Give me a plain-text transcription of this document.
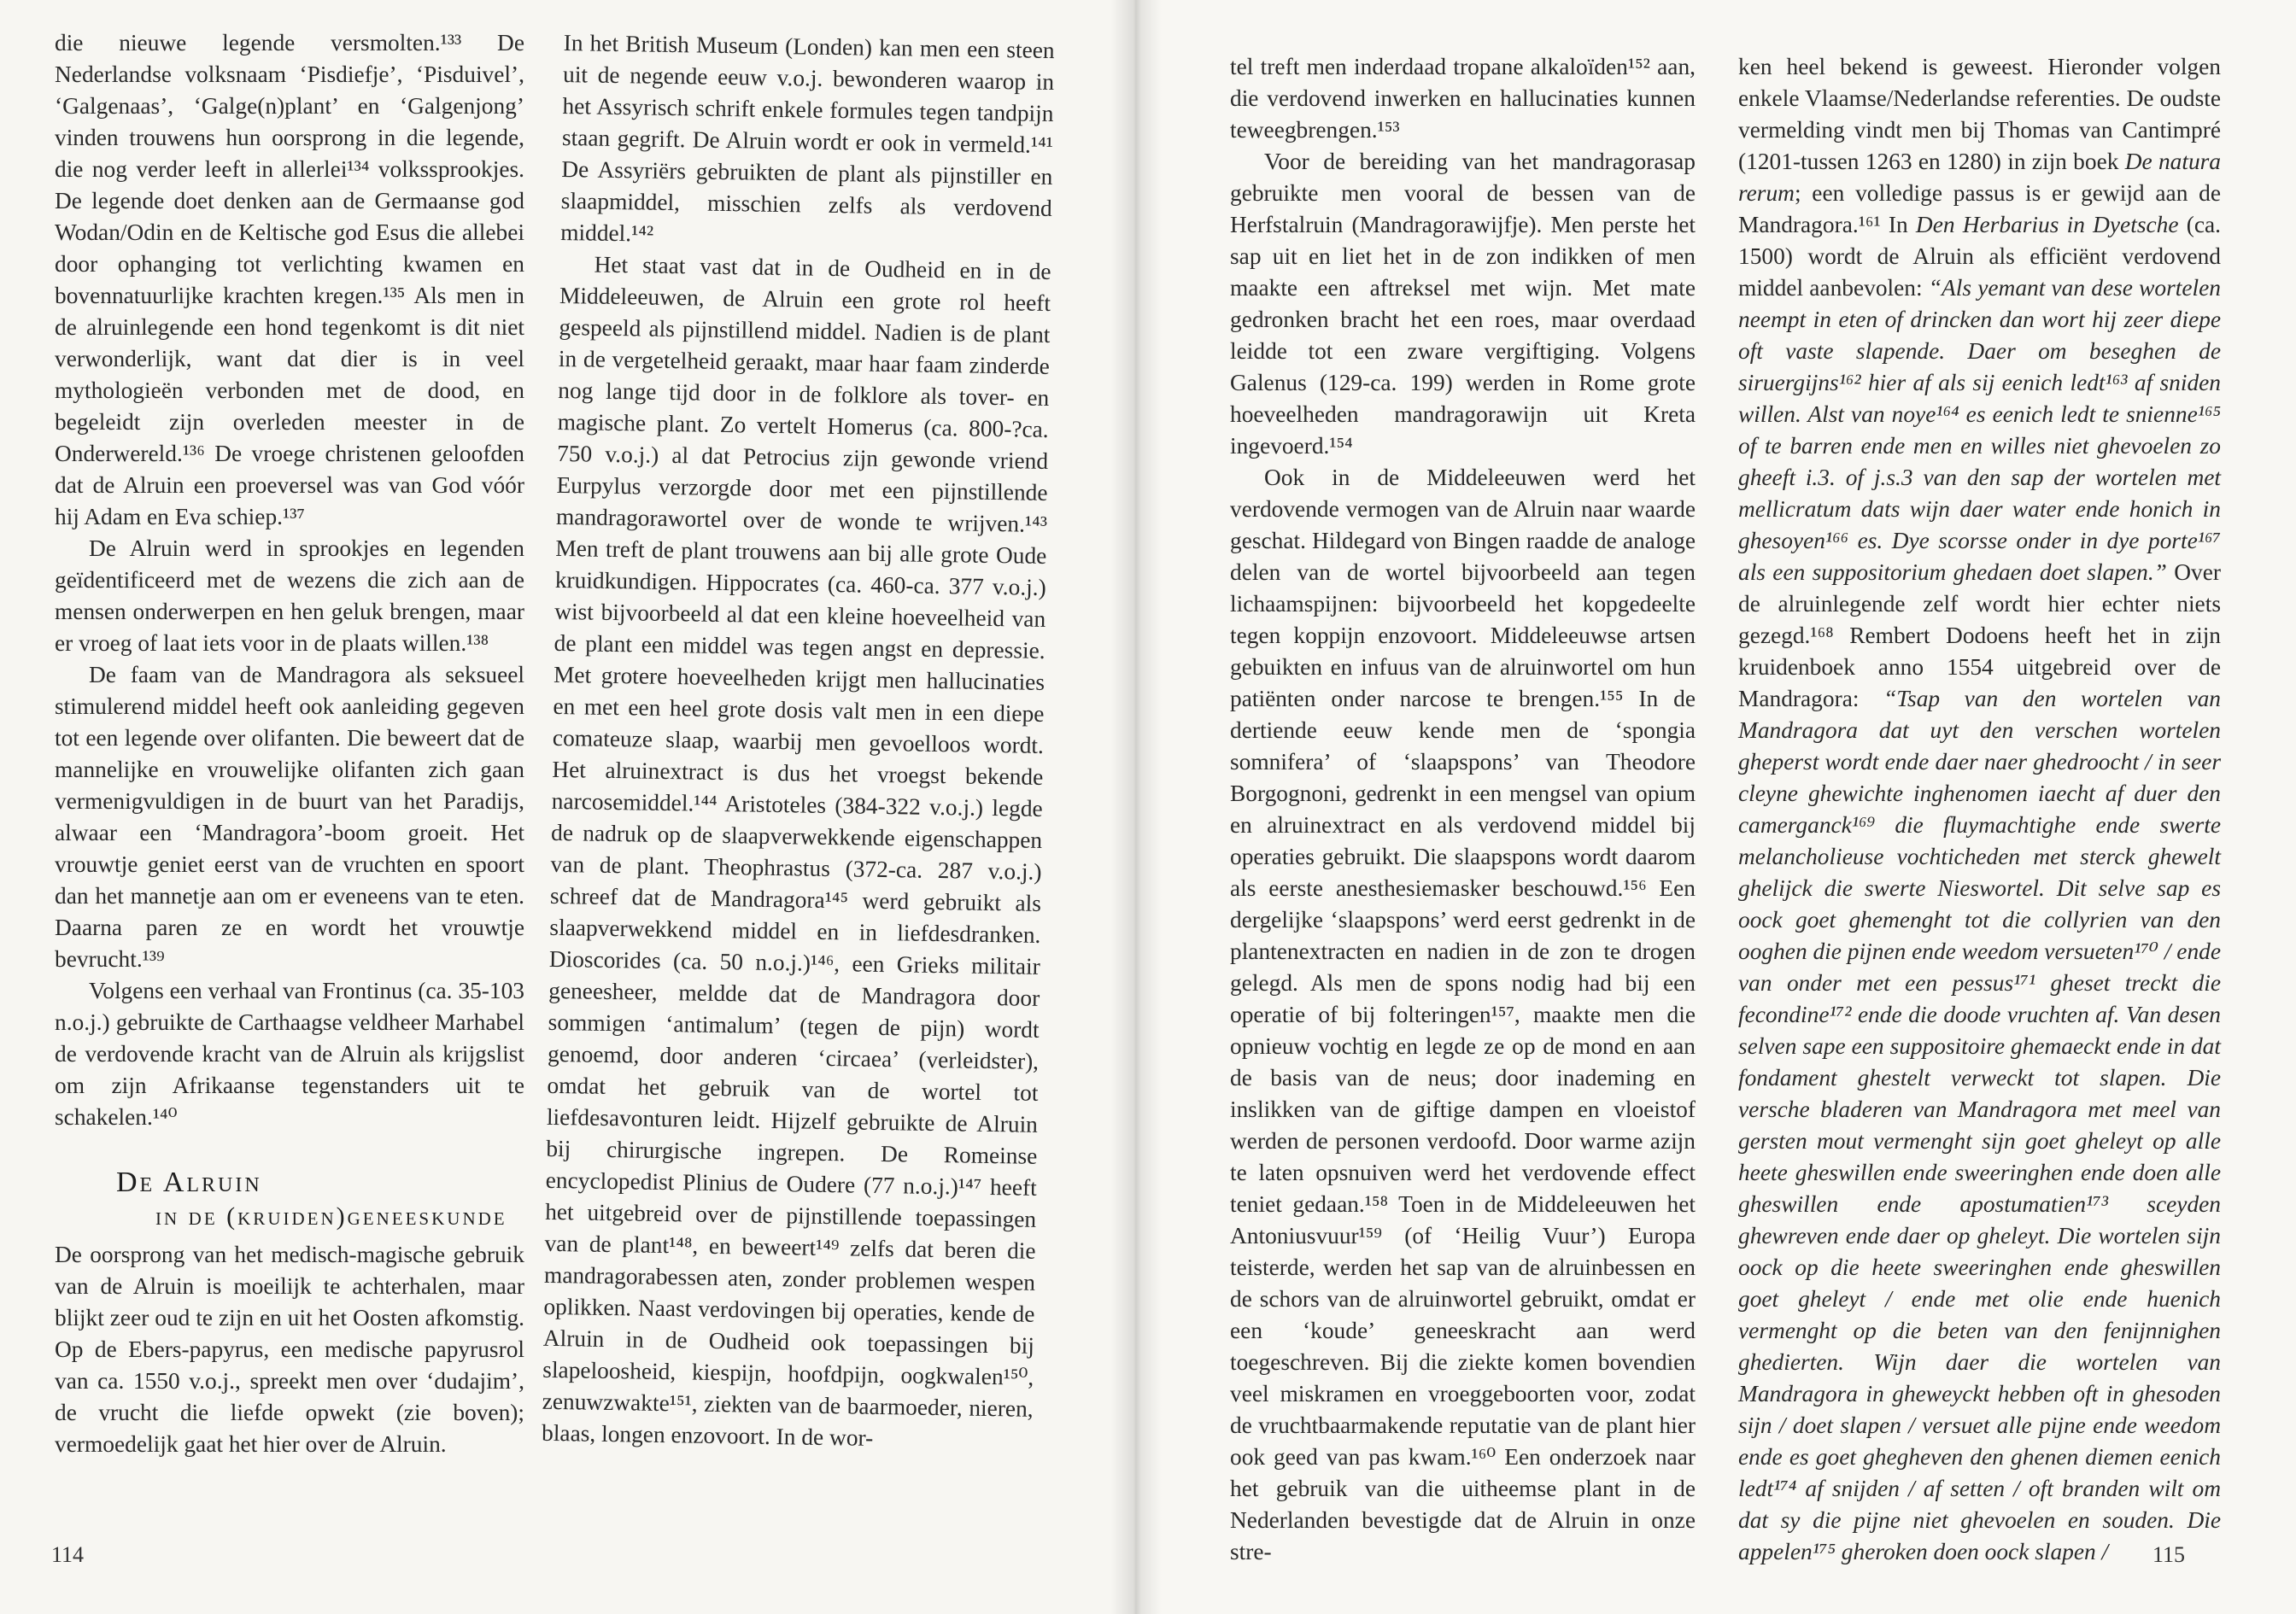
die nieuwe legende versmolten.¹³³ De Nederlandse volksnaam ‘Pisdiefje’, ‘Pisduivel’, ‘Galgenaas’, ‘Galge(n)plant’ en ‘Galgenjong’ vinden trouwens hun oorsprong in die legende, die nog verder leeft in allerlei¹³⁴ volkssprookjes. De legende doet denken aan de Germaanse god Wodan/Odin en de Keltische god Esus die allebei door ophanging tot verlichting kwamen en bovennatuurlijke krachten kregen.¹³⁵ Als men in de alruinlegende een hond tegenkomt is dit niet verwonderlijk, want dat dier is in veel mythologieën verbonden met de dood, en begeleidt zijn overleden meester in de Onderwereld.¹³⁶ De vroege christenen geloofden dat de Alruin een proeversel was van God vóór hij Adam en Eva schiep.¹³⁷

De Alruin werd in sprookjes en legenden geïdentificeerd met de wezens die zich aan de mensen onderwerpen en hen geluk brengen, maar er vroeg of laat iets voor in de plaats willen.¹³⁸

De faam van de Mandragora als seksueel stimulerend middel heeft ook aanleiding gegeven tot een legende over olifanten. Die beweert dat de mannelijke en vrouwelijke olifanten zich gaan vermenigvuldigen in de buurt van het Paradijs, alwaar een ‘Mandragora’-boom groeit. Het vrouwtje geniet eerst van de vruchten en spoort dan het mannetje aan om er eveneens van te eten. Daarna paren ze en wordt het vrouwtje bevrucht.¹³⁹

Volgens een verhaal van Frontinus (ca. 35-103 n.o.j.) gebruikte de Carthaagse veldheer Marhabel de verdovende kracht van de Alruin als krijgslist om zijn Afrikaanse tegenstanders uit te schakelen.¹⁴⁰

De Alruin
in de (kruiden)geneeskunde

De oorsprong van het medisch-magische gebruik van de Alruin is moeilijk te achterhalen, maar blijkt zeer oud te zijn en uit het Oosten afkomstig. Op de Ebers-papyrus, een medische papyrusrol van ca. 1550 v.o.j., spreekt men over ‘dudajim’, de vrucht die liefde opwekt (zie boven); vermoedelijk gaat het hier over de Alruin.

In het British Museum (Londen) kan men een steen uit de negende eeuw v.o.j. bewonderen waarop in het Assyrisch schrift enkele formules tegen tandpijn staan gegrift. De Alruin wordt er ook in vermeld.¹⁴¹ De Assyriërs gebruikten de plant als pijnstiller en slaapmiddel, misschien zelfs als verdovend middel.¹⁴²

Het staat vast dat in de Oudheid en in de Middeleeuwen, de Alruin een grote rol heeft gespeeld als pijnstillend middel. Nadien is de plant in de vergetelheid geraakt, maar haar faam zinderde nog lange tijd door in de folklore als tover- en magische plant. Zo vertelt Homerus (ca. 800-?ca. 750 v.o.j.) al dat Petrocius zijn gewonde vriend Eurpylus verzorgde door met een pijnstillende mandragorawortel over de wonde te wrijven.¹⁴³ Men treft de plant trouwens aan bij alle grote Oude kruidkundigen. Hippocrates (ca. 460-ca. 377 v.o.j.) wist bijvoorbeeld al dat een kleine hoeveelheid van de plant een middel was tegen angst en depressie. Met grotere hoeveelheden krijgt men hallucinaties en met een heel grote dosis valt men in een diepe comateuze slaap, waarbij men gevoelloos wordt. Het alruinextract is dus het vroegst bekende narcosemiddel.¹⁴⁴ Aristoteles (384-322 v.o.j.) legde de nadruk op de slaapverwekkende eigenschappen van de plant. Theophrastus (372-ca. 287 v.o.j.) schreef dat de Mandragora¹⁴⁵ werd gebruikt als slaapverwekkend middel en in liefdesdranken. Dioscorides (ca. 50 n.o.j.)¹⁴⁶, een Grieks militair geneesheer, meldde dat de Mandragora door sommigen ‘antimalum’ (tegen de pijn) wordt genoemd, door anderen ‘circaea’ (verleidster), omdat het gebruik van de wortel tot liefdesavonturen leidt. Hijzelf gebruikte de Alruin bij chirurgische ingrepen. De Romeinse encyclopedist Plinius de Oudere (77 n.o.j.)¹⁴⁷ heeft het uitgebreid over de pijnstillende toepassingen van de plant¹⁴⁸, en beweert¹⁴⁹ zelfs dat beren die mandragorabessen aten, zonder problemen wespen oplikken. Naast verdovingen bij operaties, kende de Alruin in de Oudheid ook toepassingen bij slapeloosheid, kiespijn, hoofdpijn, oogkwalen¹⁵⁰, zenuwzwakte¹⁵¹, ziekten van de baarmoeder, nieren, blaas, longen enzovoort. In de wor-

114

tel treft men inderdaad tropane alkaloïden¹⁵² aan, die verdovend inwerken en hallucinaties kunnen teweegbrengen.¹⁵³

Voor de bereiding van het mandragorasap gebruikte men vooral de bessen van de Herfstalruin (Mandragorawijfje). Men perste het sap uit en liet het in de zon indikken of men maakte een aftreksel met wijn. Met mate gedronken bracht het een roes, maar overdaad leidde tot een zware vergiftiging. Volgens Galenus (129-ca. 199) werden in Rome grote hoeveelheden mandragorawijn uit Kreta ingevoerd.¹⁵⁴

Ook in de Middeleeuwen werd het verdovende vermogen van de Alruin naar waarde geschat. Hildegard von Bingen raadde de analoge delen van de wortel bijvoorbeeld aan tegen lichaamspijnen: bijvoorbeeld het kopgedeelte tegen koppijn enzovoort. Middeleeuwse artsen gebuikten en infuus van de alruinwortel om hun patiënten onder narcose te brengen.¹⁵⁵ In de dertiende eeuw kende men de ‘spongia somnifera’ of ‘slaapspons’ van Theodore Borgognoni, gedrenkt in een mengsel van opium en alruinextract en als verdovend middel bij operaties gebruikt. Die slaapspons wordt daarom als eerste anesthesiemasker beschouwd.¹⁵⁶ Een dergelijke ‘slaapspons’ werd eerst gedrenkt in de plantenextracten en nadien in de zon te drogen gelegd. Als men de spons nodig had bij een operatie of bij folteringen¹⁵⁷, maakte men die opnieuw vochtig en legde ze op de mond en aan de basis van de neus; door inademing en inslikken van de giftige dampen en vloeistof werden de personen verdoofd. Door warme azijn te laten opsnuiven werd het verdovende effect teniet gedaan.¹⁵⁸ Toen in de Middeleeuwen het Antoniusvuur¹⁵⁹ (of ‘Heilig Vuur’) Europa teisterde, werden het sap van de alruinbessen en de schors van de alruinwortel gebruikt, omdat er een ‘koude’ geneeskracht aan werd toegeschreven. Bij die ziekte komen bovendien veel miskramen en vroeggeboorten voor, zodat de vruchtbaarmakende reputatie van de plant hier ook geed van pas kwam.¹⁶⁰ Een onderzoek naar het gebruik van die uitheemse plant in de Nederlanden bevestigde dat de Alruin in onze stre-

ken heel bekend is geweest. Hieronder volgen enkele Vlaamse/Nederlandse referenties. De oudste vermelding vindt men bij Thomas van Cantimpré (1201-tussen 1263 en 1280) in zijn boek De natura rerum; een volledige passus is er gewijd aan de Mandragora.¹⁶¹ In Den Herbarius in Dyetsche (ca. 1500) wordt de Alruin als efficiënt verdovend middel aanbevolen: “Als yemant van dese wortelen neempt in eten of drincken dan wort hij zeer diepe oft vaste slapende. Daer om beseghen de siruergijns¹⁶² hier af als sij eenich ledt¹⁶³ af sniden willen. Alst van noye¹⁶⁴ es eenich ledt te snienne¹⁶⁵ of te barren ende men en willes niet ghevoelen zo gheeft i.3. of j.s.3 van den sap der wortelen met mellicratum dats wijn daer water ende honich in ghesoyen¹⁶⁶ es. Dye scorsse onder in dye porte¹⁶⁷ als een suppositorium ghedaen doet slapen.” Over de alruinlegende zelf wordt hier echter niets gezegd.¹⁶⁸ Rembert Dodoens heeft het in zijn kruidenboek anno 1554 uitgebreid over de Mandragora: “Tsap van den wortelen van Mandragora dat uyt den verschen wortelen gheperst wordt ende daer naer ghedroocht / in seer cleyne ghewichte inghenomen iaecht af duer den camerganck¹⁶⁹ die fluymachtighe ende swerte melancholieuse vochticheden met sterck ghewelt ghelijck die swerte Nieswortel. Dit selve sap es oock goet ghemenght tot die collyrien van den ooghen die pijnen ende weedom versueten¹⁷⁰ / ende van onder met een pessus¹⁷¹ gheset treckt die fecondine¹⁷² ende die doode vruchten af. Van desen selven sape een suppositoire ghemaeckt ende in dat fondament ghestelt verweckt tot slapen. Die versche bladeren van Mandragora met meel van gersten mout vermenght sijn goet gheleyt op alle heete gheswillen ende sweeringhen ende doen alle gheswillen ende apostumatien¹⁷³ sceyden ghewreven ende daer op gheleyt. Die wortelen sijn oock op die heete sweeringhen ende gheswillen goet gheleyt / ende met olie ende huenich vermenght op die beten van den fenijnnighen ghedierten. Wijn daer die wortelen van Mandragora in gheweyckt hebben oft in ghesoden sijn / doet slapen / versuet alle pijne ende weedom ende es goet ghegheven den ghenen diemen eenich ledt¹⁷⁴ af snijden / af setten / oft branden wilt om dat sy die pijne niet ghevoelen en souden. Die appelen¹⁷⁵ gheroken doen oock slapen /	115
